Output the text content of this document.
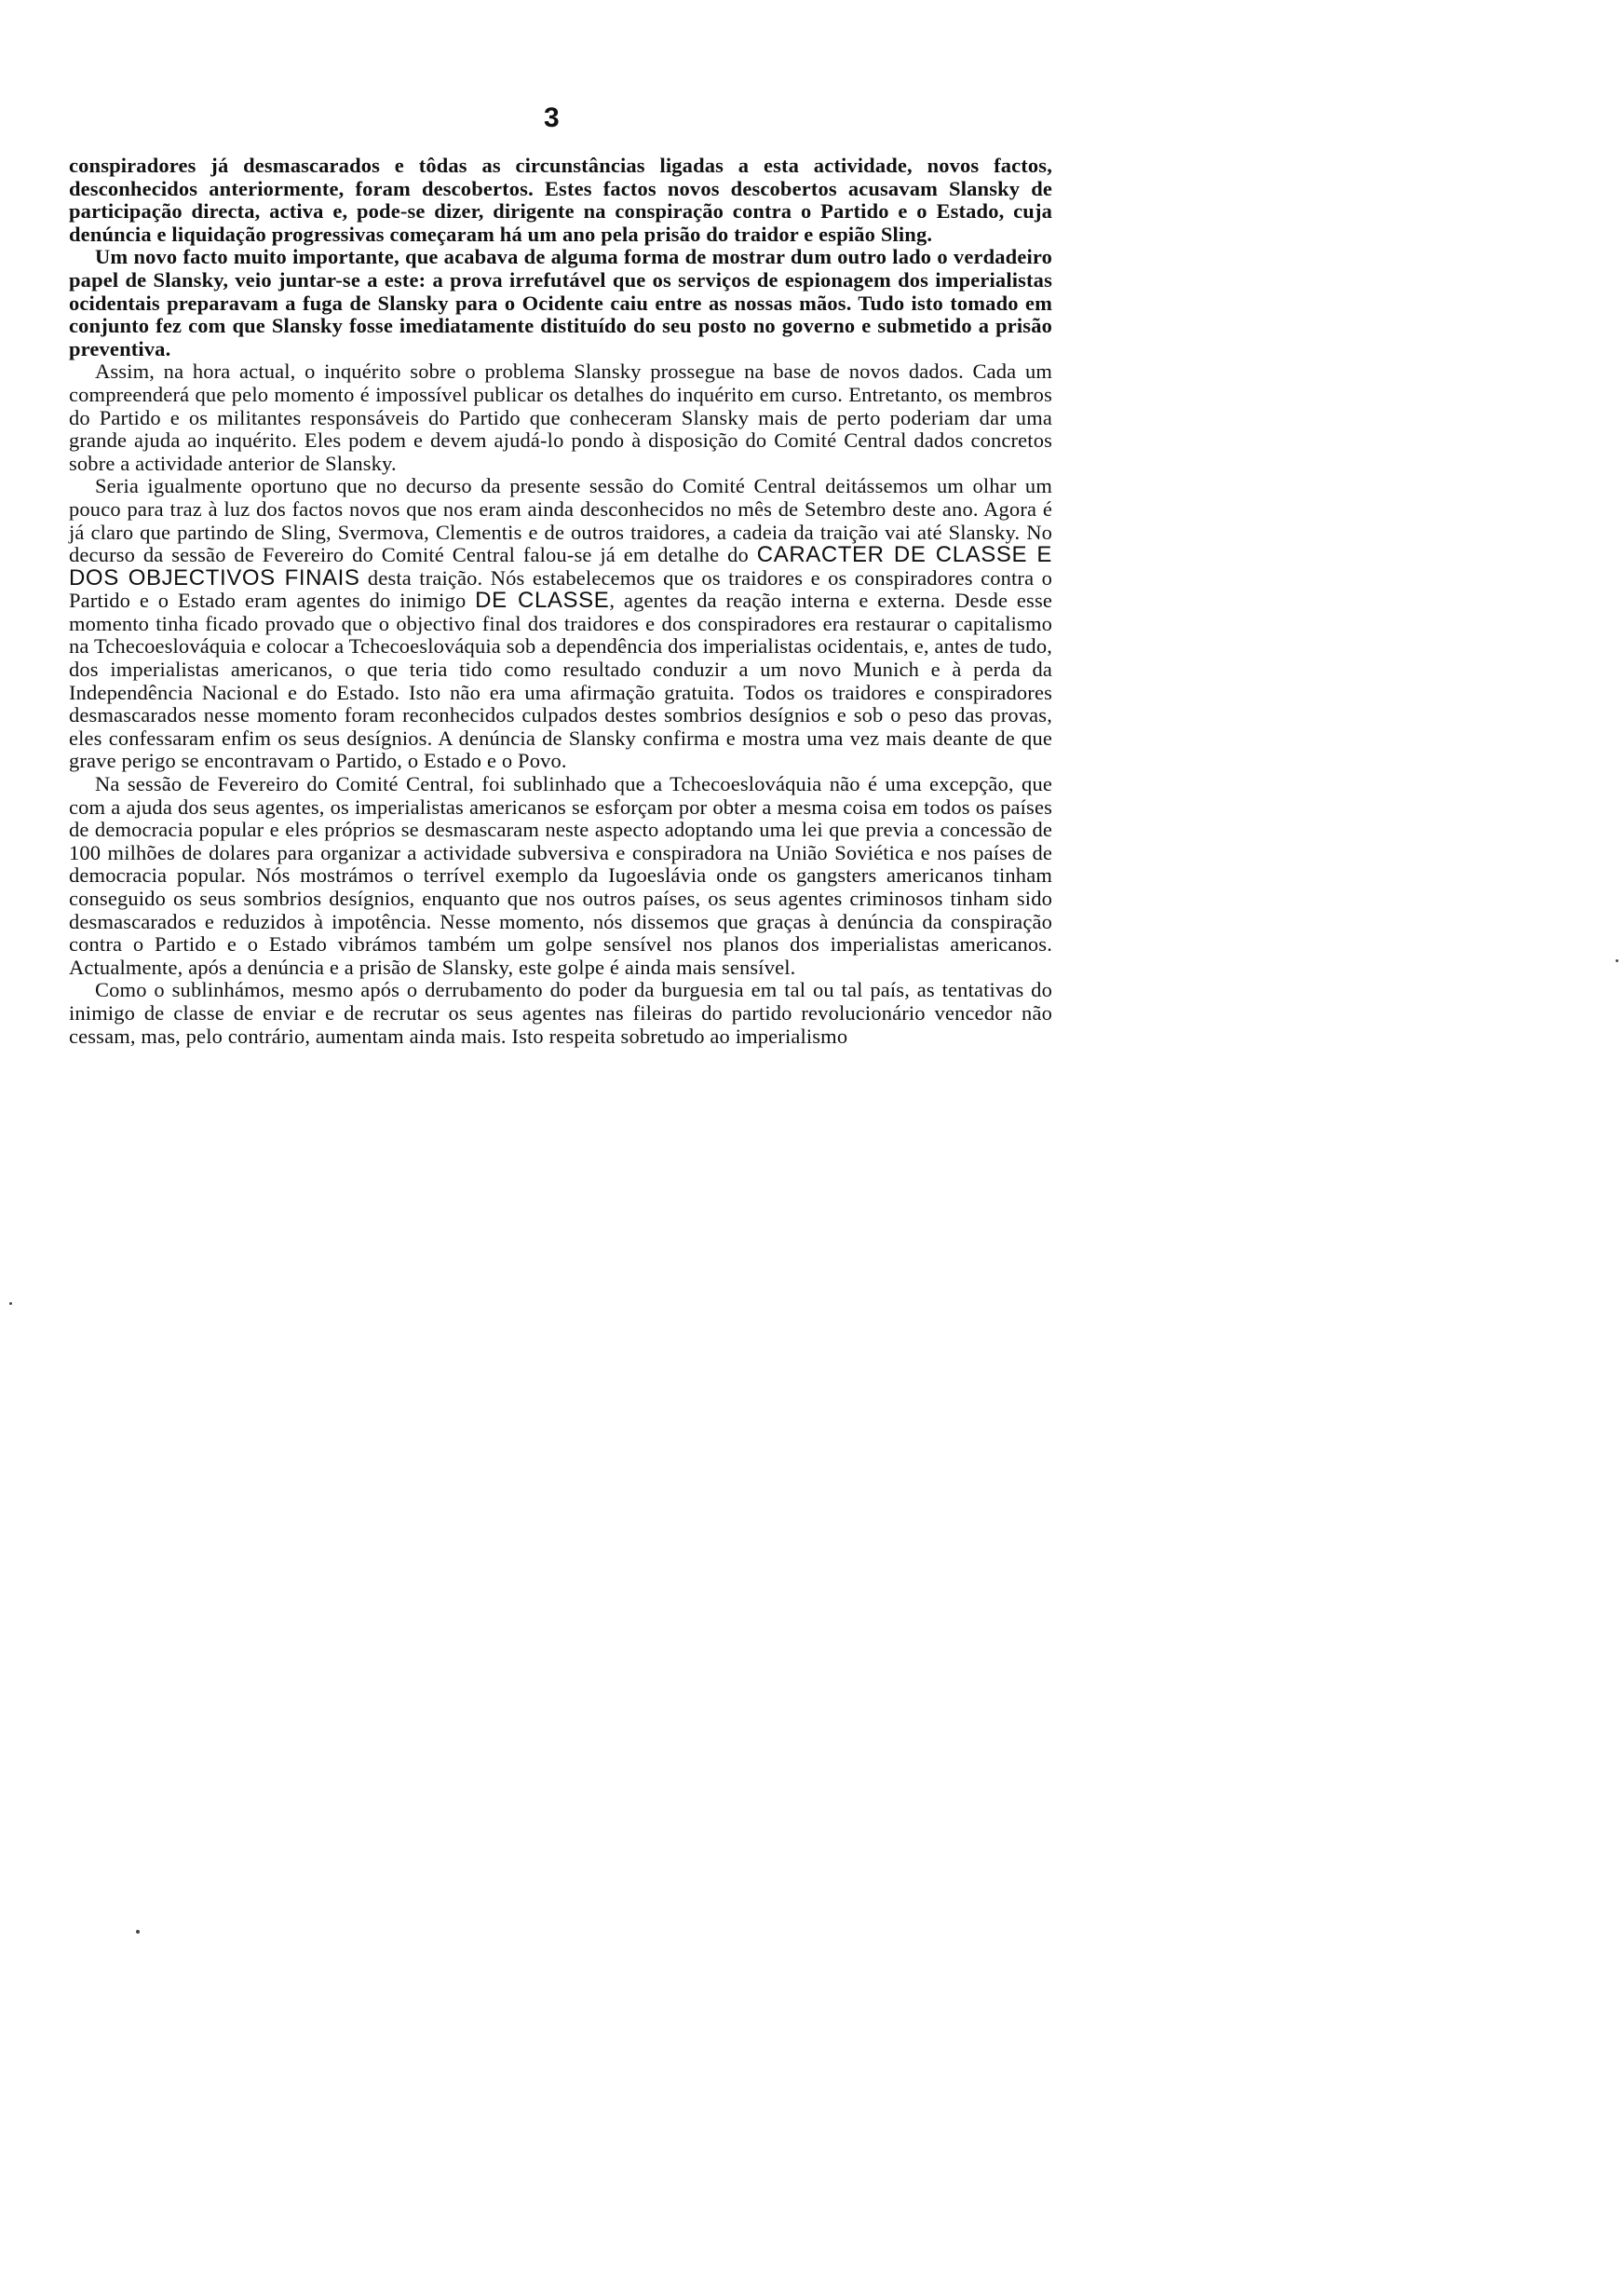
3

conspiradores já desmascarados e tôdas as circunstâncias ligadas a esta actividade, novos factos, desconhecidos anteriormente, foram descobertos. Estes factos novos descobertos acusavam Slansky de participação directa, activa e, pode-se dizer, dirigente na conspiração contra o Partido e o Estado, cuja denúncia e liquidação progressivas começaram há um ano pela prisão do traidor e espião Sling.

Um novo facto muito importante, que acabava de alguma forma de mostrar dum outro lado o verdadeiro papel de Slansky, veio juntar-se a este: a prova irrefutável que os serviços de espionagem dos imperialistas ocidentais preparavam a fuga de Slansky para o Ocidente caiu entre as nossas mãos. Tudo isto tomado em conjunto fez com que Slansky fosse imediatamente distituído do seu posto no governo e submetido a prisão preventiva.

Assim, na hora actual, o inquérito sobre o problema Slansky prossegue na base de novos dados. Cada um compreenderá que pelo momento é impossível publicar os detalhes do inquérito em curso. Entretanto, os membros do Partido e os militantes responsáveis do Partido que conheceram Slansky mais de perto poderiam dar uma grande ajuda ao inquérito. Eles podem e devem ajudá-lo pondo à disposição do Comité Central dados concretos sobre a actividade anterior de Slansky.

Seria igualmente oportuno que no decurso da presente sessão do Comité Central deitássemos um olhar um pouco para traz à luz dos factos novos que nos eram ainda desconhecidos no mês de Setembro deste ano. Agora é já claro que partindo de Sling, Svermova, Clementis e de outros traidores, a cadeia da traição vai até Slansky. No decurso da sessão de Fevereiro do Comité Central falou-se já em detalhe do CARACTER DE CLASSE E DOS OBJECTIVOS FINAIS desta traição. Nós estabelecemos que os traidores e os conspiradores contra o Partido e o Estado eram agentes do inimigo DE CLASSE, agentes da reação interna e externa. Desde esse momento tinha ficado provado que o objectivo final dos traidores e dos conspiradores era restaurar o capitalismo na Tchecoeslováquia e colocar a Tchecoeslováquia sob a dependência dos imperialistas ocidentais, e, antes de tudo, dos imperialistas americanos, o que teria tido como resultado conduzir a um novo Munich e à perda da Independência Nacional e do Estado. Isto não era uma afirmação gratuita. Todos os traidores e conspiradores desmascarados nesse momento foram reconhecidos culpados destes sombrios desígnios e sob o peso das provas, eles confessaram enfim os seus desígnios. A denúncia de Slansky confirma e mostra uma vez mais deante de que grave perigo se encontravam o Partido, o Estado e o Povo.

Na sessão de Fevereiro do Comité Central, foi sublinhado que a Tchecoeslováquia não é uma excepção, que com a ajuda dos seus agentes, os imperialistas americanos se esforçam por obter a mesma coisa em todos os países de democracia popular e eles próprios se desmascaram neste aspecto adoptando uma lei que previa a concessão de 100 milhões de dolares para organizar a actividade subversiva e conspiradora na União Soviética e nos países de democracia popular. Nós mostrámos o terrível exemplo da Iugoeslávia onde os gangsters americanos tinham conseguido os seus sombrios desígnios, enquanto que nos outros países, os seus agentes criminosos tinham sido desmascarados e reduzidos à impotência. Nesse momento, nós dissemos que graças à denúncia da conspiração contra o Partido e o Estado vibrámos também um golpe sensível nos planos dos imperialistas americanos. Actualmente, após a denúncia e a prisão de Slansky, este golpe é ainda mais sensível.

Como o sublinhámos, mesmo após o derrubamento do poder da burguesia em tal ou tal país, as tentativas do inimigo de classe de enviar e de recrutar os seus agentes nas fileiras do partido revolucionário vencedor não cessam, mas, pelo contrário, aumentam ainda mais. Isto respeita sobretudo ao imperialismo
